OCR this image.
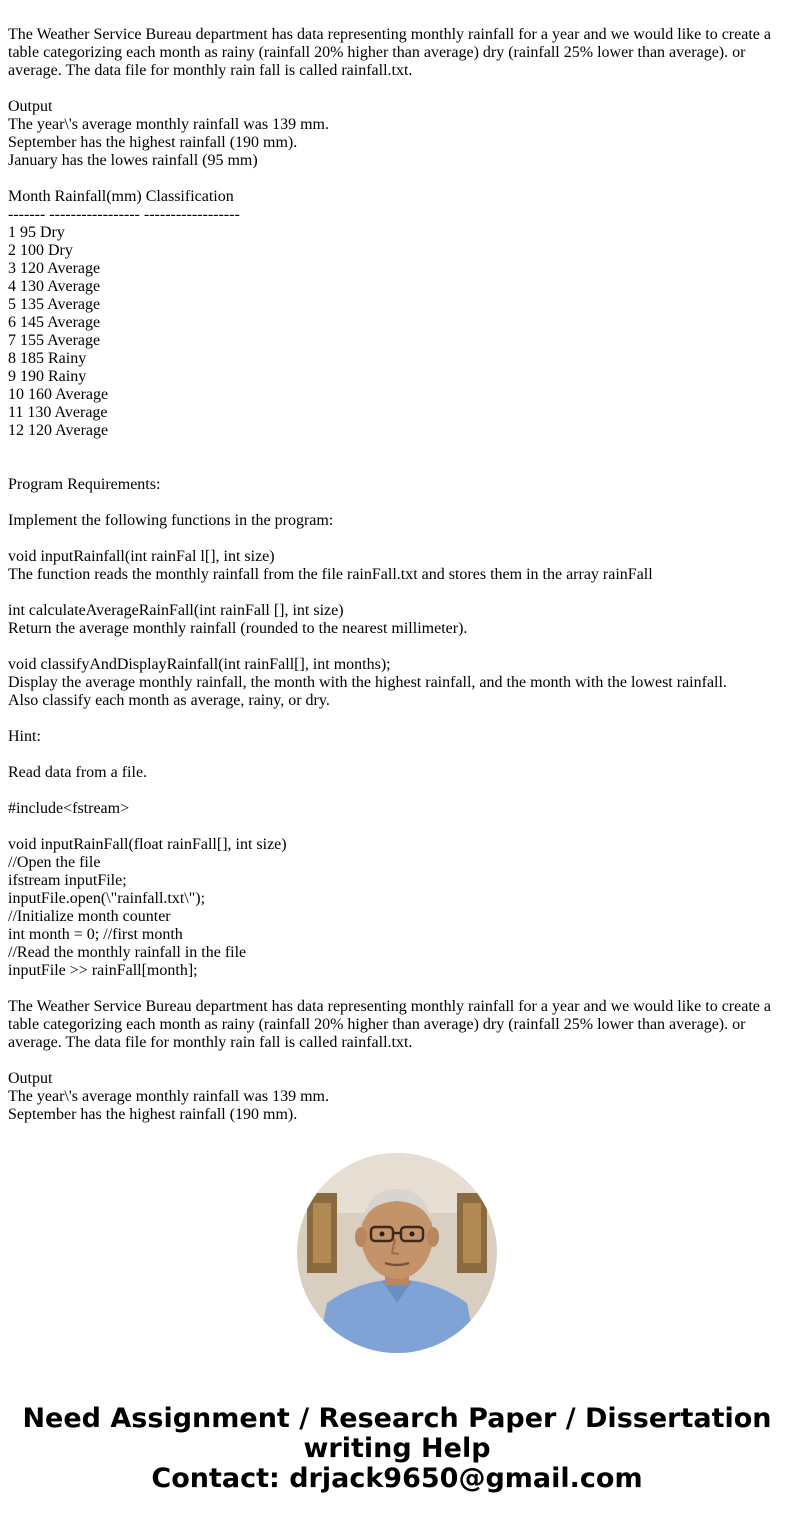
The Weather Service Bureau department has data representing monthly rainfall for a year and we would like to create a table categorizing each month as rainy (rainfall 20% higher than average) dry (rainfall 25% lower than average). or average. The data file for monthly rain fall is called rainfall.txt.
Output
The year\'s average monthly rainfall was 139 mm.
September has the highest rainfall (190 mm).
January has the lowes rainfall (95 mm)
Month Rainfall(mm) Classification
------- ----------------- ------------------
1 95 Dry
2 100 Dry
3 120 Average
4 130 Average
5 135 Average
6 145 Average
7 155 Average
8 185 Rainy
9 190 Rainy
10 160 Average
11 130 Average
12 120 Average
Program Requirements:
Implement the following functions in the program:
void inputRainfall(int rainFal l[], int size)
The function reads the monthly rainfall from the file rainFall.txt and stores them in the array rainFall
int calculateAverageRainFall(int rainFall [], int size)
Return the average monthly rainfall (rounded to the nearest millimeter).
void classifyAndDisplayRainfall(int rainFall[], int months);
Display the average monthly rainfall, the month with the highest rainfall, and the month with the lowest rainfall.
Also classify each month as average, rainy, or dry.
Hint:
Read data from a file.
#include<fstream>
void inputRainFall(float rainFall[], int size)
//Open the file
ifstream inputFile;
inputFile.open(\"rainfall.txt\");
//Initialize month counter
int month = 0; //first month
//Read the monthly rainfall in the file
inputFile >> rainFall[month];
The Weather Service Bureau department has data representing monthly rainfall for a year and we would like to create a table categorizing each month as rainy (rainfall 20% higher than average) dry (rainfall 25% lower than average). or average. The data file for monthly rain fall is called rainfall.txt.
Output
The year\'s average monthly rainfall was 139 mm.
September has the highest rainfall (190 mm).
Need Assignment / Research Paper / Dissertation
writing Help
Contact: drjack9650@gmail.com
